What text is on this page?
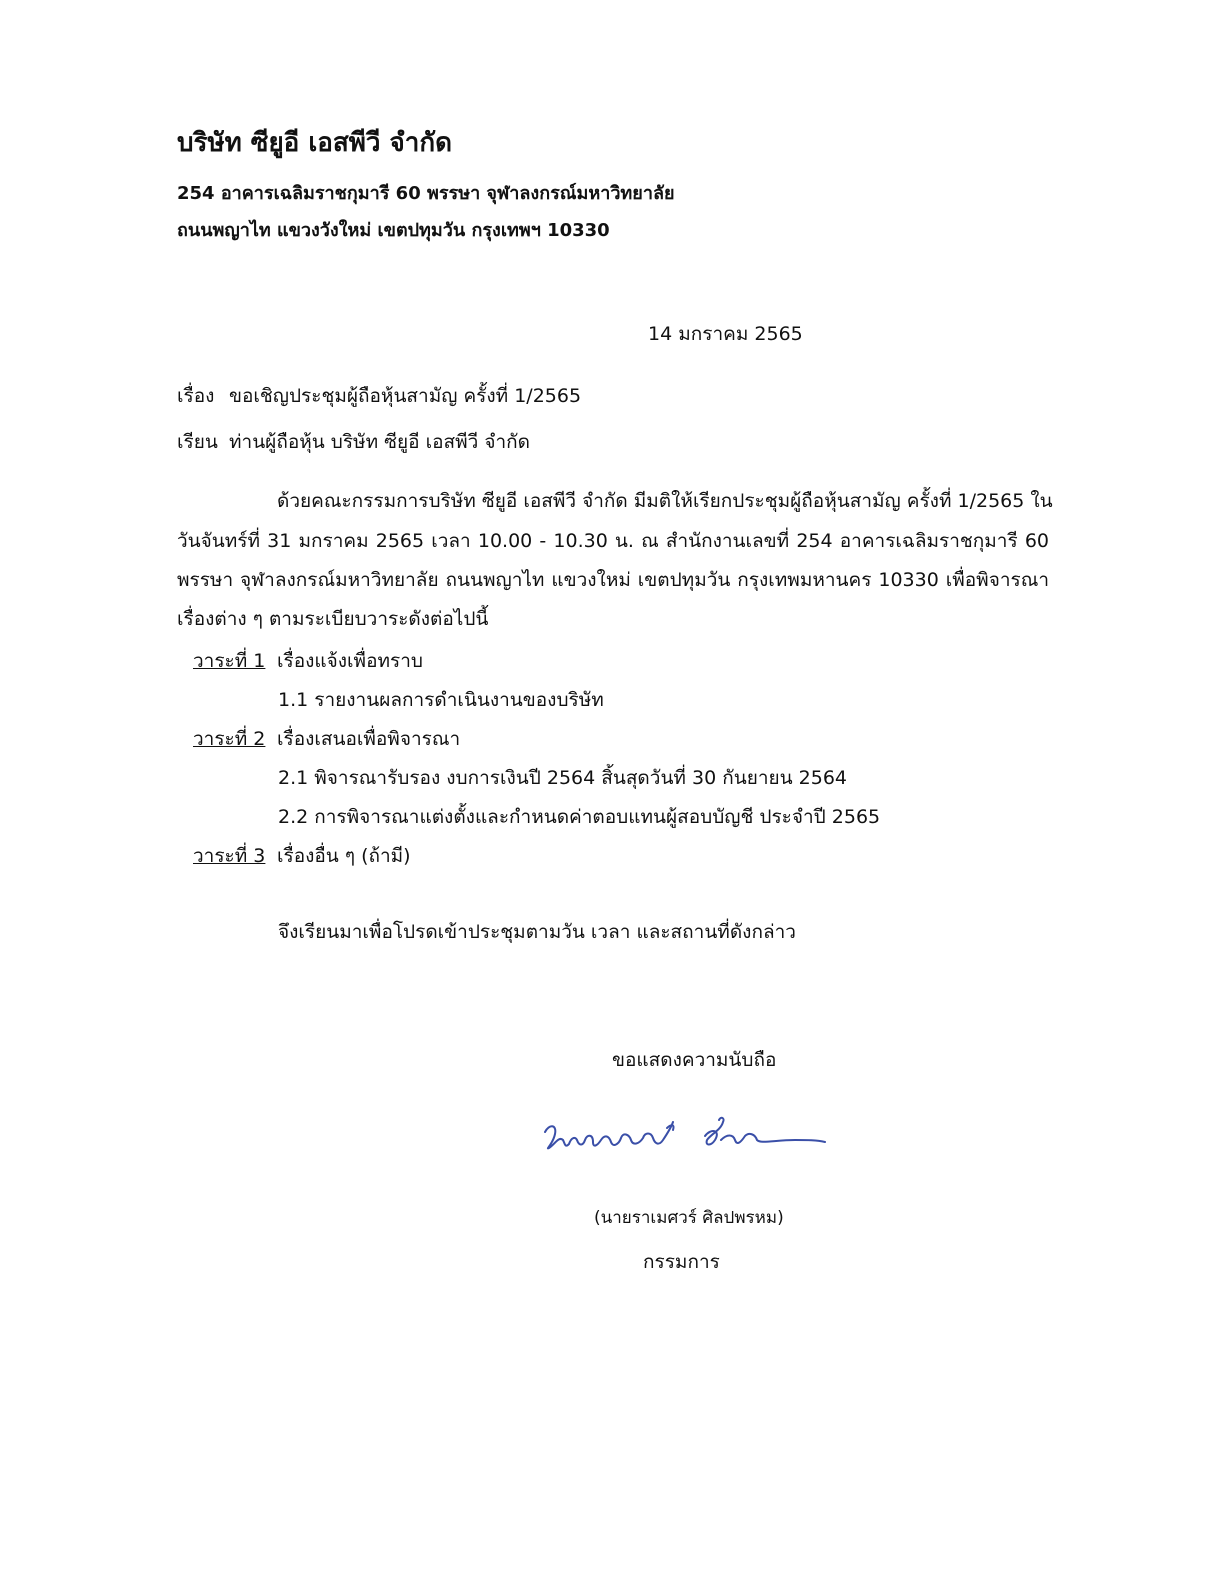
บริษัท ซียูอี เอสพีวี จำกัด
254 อาคารเฉลิมราชกุมารี 60 พรรษา จุฬาลงกรณ์มหาวิทยาลัย
ถนนพญาไท แขวงวังใหม่ เขตปทุมวัน กรุงเทพฯ 10330
14 มกราคม 2565
เรื่อง ขอเชิญประชุมผู้ถือหุ้นสามัญ ครั้งที่ 1/2565
เรียน ท่านผู้ถือหุ้น บริษัท ซียูอี เอสพีวี จำกัด
ด้วยคณะกรรมการบริษัท ซียูอี เอสพีวี จำกัด มีมติให้เรียกประชุมผู้ถือหุ้นสามัญ ครั้งที่ 1/2565 ใน
วันจันทร์ที่ 31 มกราคม 2565 เวลา 10.00 - 10.30 น. ณ สำนักงานเลขที่ 254 อาคารเฉลิมราชกุมารี 60
พรรษา จุฬาลงกรณ์มหาวิทยาลัย ถนนพญาไท แขวงใหม่ เขตปทุมวัน กรุงเทพมหานคร 10330 เพื่อพิจารณา
เรื่องต่าง ๆ ตามระเบียบวาระดังต่อไปนี้
วาระที่ 1 เรื่องแจ้งเพื่อทราบ
1.1 รายงานผลการดำเนินงานของบริษัท
วาระที่ 2 เรื่องเสนอเพื่อพิจารณา
2.1 พิจารณารับรอง งบการเงินปี 2564 สิ้นสุดวันที่ 30 กันยายน 2564
2.2 การพิจารณาแต่งตั้งและกำหนดค่าตอบแทนผู้สอบบัญชี ประจำปี 2565
วาระที่ 3 เรื่องอื่น ๆ (ถ้ามี)
จึงเรียนมาเพื่อโปรดเข้าประชุมตามวัน เวลา และสถานที่ดังกล่าว
ขอแสดงความนับถือ
(นายราเมศวร์ ศิลปพรหม)
กรรมการ
